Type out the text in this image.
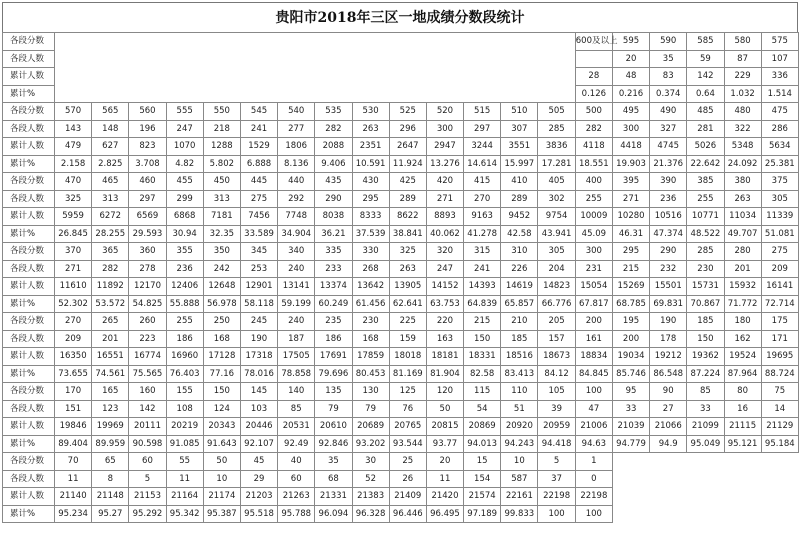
贵阳市2018年三区一地成绩分数段统计
各段分数															600及以上	595	590	585	580	575
各段人数																20	35	59	87	107
累计人数															28	48	83	142	229	336
累计%															0.126	0.216	0.374	0.64	1.032	1.514
各段分数	570	565	560	555	550	545	540	535	530	525	520	515	510	505	500	495	490	485	480	475
各段人数	143	148	196	247	218	241	277	282	263	296	300	297	307	285	282	300	327	281	322	286
累计人数	479	627	823	1070	1288	1529	1806	2088	2351	2647	2947	3244	3551	3836	4118	4418	4745	5026	5348	5634
累计%	2.158	2.825	3.708	4.82	5.802	6.888	8.136	9.406	10.591	11.924	13.276	14.614	15.997	17.281	18.551	19.903	21.376	22.642	24.092	25.381
各段分数	470	465	460	455	450	445	440	435	430	425	420	415	410	405	400	395	390	385	380	375
各段人数	325	313	297	299	313	275	292	290	295	289	271	270	289	302	255	271	236	255	263	305
累计人数	5959	6272	6569	6868	7181	7456	7748	8038	8333	8622	8893	9163	9452	9754	10009	10280	10516	10771	11034	11339
累计%	26.845	28.255	29.593	30.94	32.35	33.589	34.904	36.21	37.539	38.841	40.062	41.278	42.58	43.941	45.09	46.31	47.374	48.522	49.707	51.081
各段分数	370	365	360	355	350	345	340	335	330	325	320	315	310	305	300	295	290	285	280	275
各段人数	271	282	278	236	242	253	240	233	268	263	247	241	226	204	231	215	232	230	201	209
累计人数	11610	11892	12170	12406	12648	12901	13141	13374	13642	13905	14152	14393	14619	14823	15054	15269	15501	15731	15932	16141
累计%	52.302	53.572	54.825	55.888	56.978	58.118	59.199	60.249	61.456	62.641	63.753	64.839	65.857	66.776	67.817	68.785	69.831	70.867	71.772	72.714
各段分数	270	265	260	255	250	245	240	235	230	225	220	215	210	205	200	195	190	185	180	175
各段人数	209	201	223	186	168	190	187	186	168	159	163	150	185	157	161	200	178	150	162	171
累计人数	16350	16551	16774	16960	17128	17318	17505	17691	17859	18018	18181	18331	18516	18673	18834	19034	19212	19362	19524	19695
累计%	73.655	74.561	75.565	76.403	77.16	78.016	78.858	79.696	80.453	81.169	81.904	82.58	83.413	84.12	84.845	85.746	86.548	87.224	87.964	88.724
各段分数	170	165	160	155	150	145	140	135	130	125	120	115	110	105	100	95	90	85	80	75
各段人数	151	123	142	108	124	103	85	79	79	76	50	54	51	39	47	33	27	33	16	14
累计人数	19846	19969	20111	20219	20343	20446	20531	20610	20689	20765	20815	20869	20920	20959	21006	21039	21066	21099	21115	21129
累计%	89.404	89.959	90.598	91.085	91.643	92.107	92.49	92.846	93.202	93.544	93.77	94.013	94.243	94.418	94.63	94.779	94.9	95.049	95.121	95.184
各段分数	70	65	60	55	50	45	40	35	30	25	20	15	10	5	1					
各段人数	11	8	5	11	10	29	60	68	52	26	11	154	587	37	0					
累计人数	21140	21148	21153	21164	21174	21203	21263	21331	21383	21409	21420	21574	22161	22198	22198					
累计%	95.234	95.27	95.292	95.342	95.387	95.518	95.788	96.094	96.328	96.446	96.495	97.189	99.833	100	100					
